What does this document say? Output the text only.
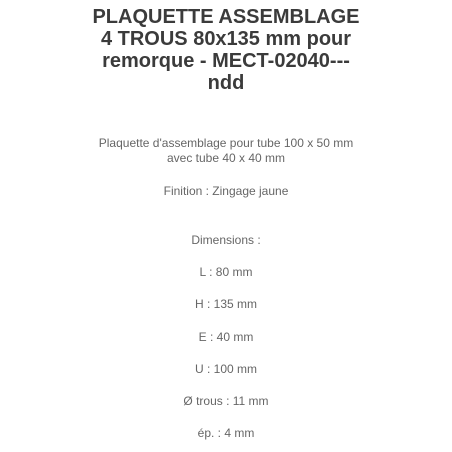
PLAQUETTE ASSEMBLAGE
4 TROUS 80x135 mm pour
remorque - MECT-02040---
ndd
Plaquette d'assemblage pour tube 100 x 50 mm
avec tube 40 x 40 mm
Finition : Zingage jaune
Dimensions :
L : 80 mm
H : 135 mm
E : 40 mm
U : 100 mm
Ø trous : 11 mm
ép. : 4 mm
